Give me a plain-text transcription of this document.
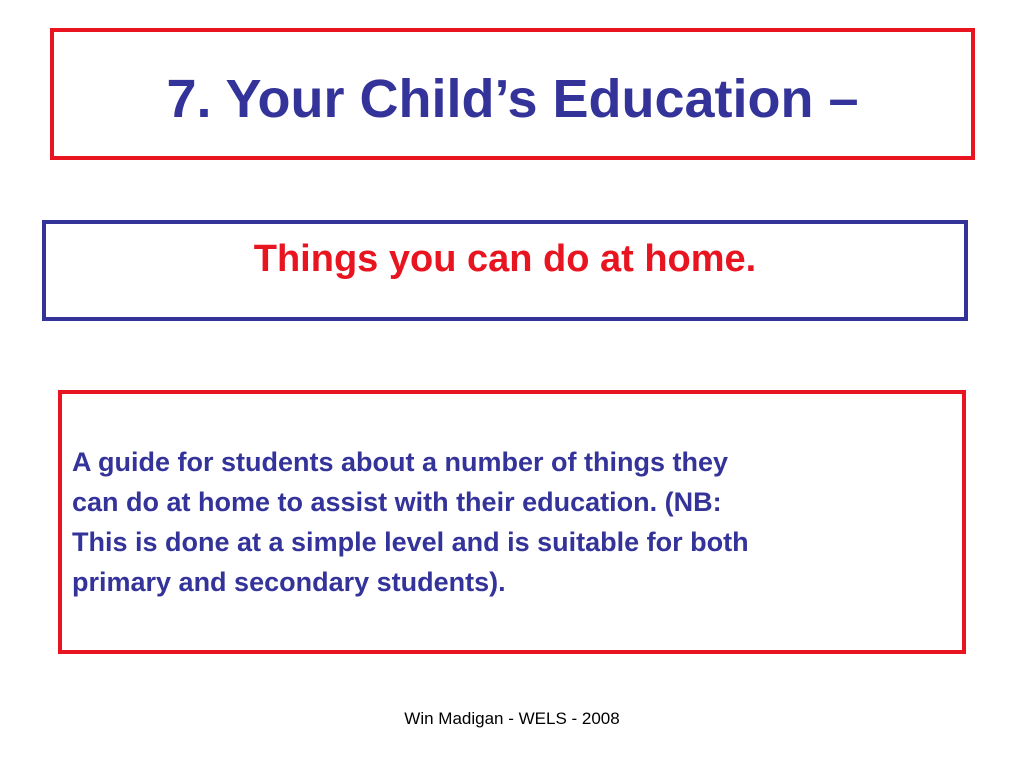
7. Your Child’s Education –
Things you can do at home.

A guide for students about a number of things they
can do at home to assist with their education. (NB:
This is done at a simple level and is suitable for both
primary and secondary students).

Win Madigan - WELS - 2008
